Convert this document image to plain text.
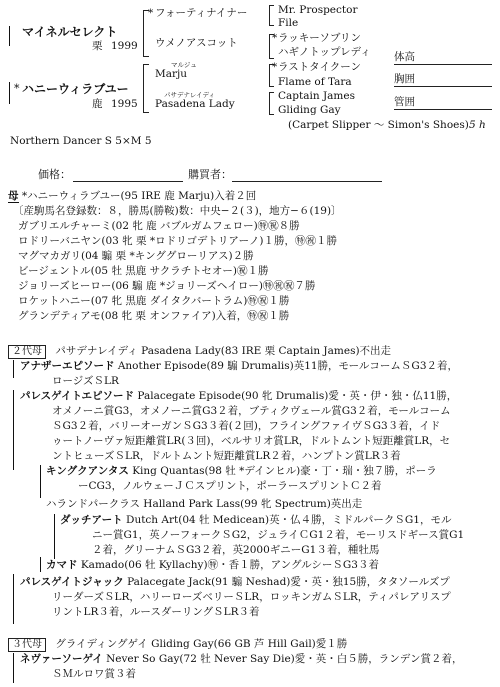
マイネルセレクト
栗 1999
* ハニーウィラブユー
鹿 1995
* フォーティナイナー
ウメノアスコット
マルジュ
Marju
パサデナレイディ
Pasadena Lady
Mr. Prospector
File
* ラッキーソブリン
ハギノトップレディ
* ラストタイクーン
Flame of Tara
Captain James
Gliding Gay
(Carpet Slipper 〜 Simon's Shoes) 5 h
体高
胸囲
管囲
Northern Dancer S 5×M 5
価格：	購買者：
母 *ハニーウィラブユー(95 IRE 鹿 Marju)入着２回
〔産駒馬名登録数：８，勝馬(勝鞍)数：中央−２(３)，地方−６(19)〕
ガブリエルチャーミ(02 牝 鹿 バブルガムフェロー)㊕㊗８勝
ロドリーバニヤン(03 牝 栗 *ロドリゴデトリアーノ)１勝，㊕㊗１勝
マグマカガリ(04 騸 栗 *キンググローリアス)２勝
ビージェントル(05 牡 黒鹿 サクラチトセオー)㊗１勝
ジョリーズヒーロー(06 騸 鹿 *ジョリーズヘイロー)㊕㊗㊗７勝
ロケットハニー(07 牝 黒鹿 ダイタクバートラム)㊕㊗１勝
グランデティアモ(08 牝 栗 オンファイア)入着，㊕㊗１勝
２代母 パサデナレイディ Pasadena Lady(83 IRE 栗 Captain James)不出走
アナザーエピソード Another Episode(89 騸 Drumalis)英11勝，モールコームＳG3２着，
ロージズＳLR
パレスゲイトエピソード Palacegate Episode(90 牝 Drumalis)愛・英・伊・独・仏11勝，
オメノーニ賞G3，オメノーニ賞G3２着，ブティクヴェール賞G3２着，モールコーム
ＳG3２着，バリーオーガンＳG3３着(２回)，フライングファイヴＳG3３着，イド
ゥートノーヴァ短距離賞LR(３回)，ベルサリオ賞LR，ドルトムント短距離賞LR，セ
ントヒューズＳLR，ドルトムント短距離賞LR２着，ハンプトン賞LR３着
キングクアンタス King Quantas(98 牡 *デインヒル)豪・丁・瑞・独７勝，ポーラ
ーCG3，ノルウェーＪＣスプリント，ポーラースプリントＣ２着
ハランドパークラス Halland Park Lass(99 牝 Spectrum)英出走
ダッチアート Dutch Art(04 牡 Medicean)英・仏４勝，ミドルパークＳG1，モル
ニー賞G1，英ノーフォークＳG2，ジュライＣG1２着，モーリスドギース賞G1
２着，グリーナムＳG3２着，英2000ギニーG1３着，種牡馬
カマド Kamado(06 牡 Kyllachy)㊕・香１勝，アングルシーＳG3３着
パレスゲイトジャック Palacegate Jack(91 騸 Neshad)愛・英・独15勝，タタソールズプ
リーダーズＳLR，ハリーローズベリーＳLR，ロッキンガムＳLR，ティパレアリスプ
リントLR３着，ルースダーリングＳLR３着
３代母 グライディングゲイ Gliding Gay(66 GB 芦 Hill Gail)愛１勝
ネヴァーソーゲイ Never So Gay(72 牡 Never Say Die)愛・英・白５勝，ランデン賞２着，
ＳＭルロワ賞３着
